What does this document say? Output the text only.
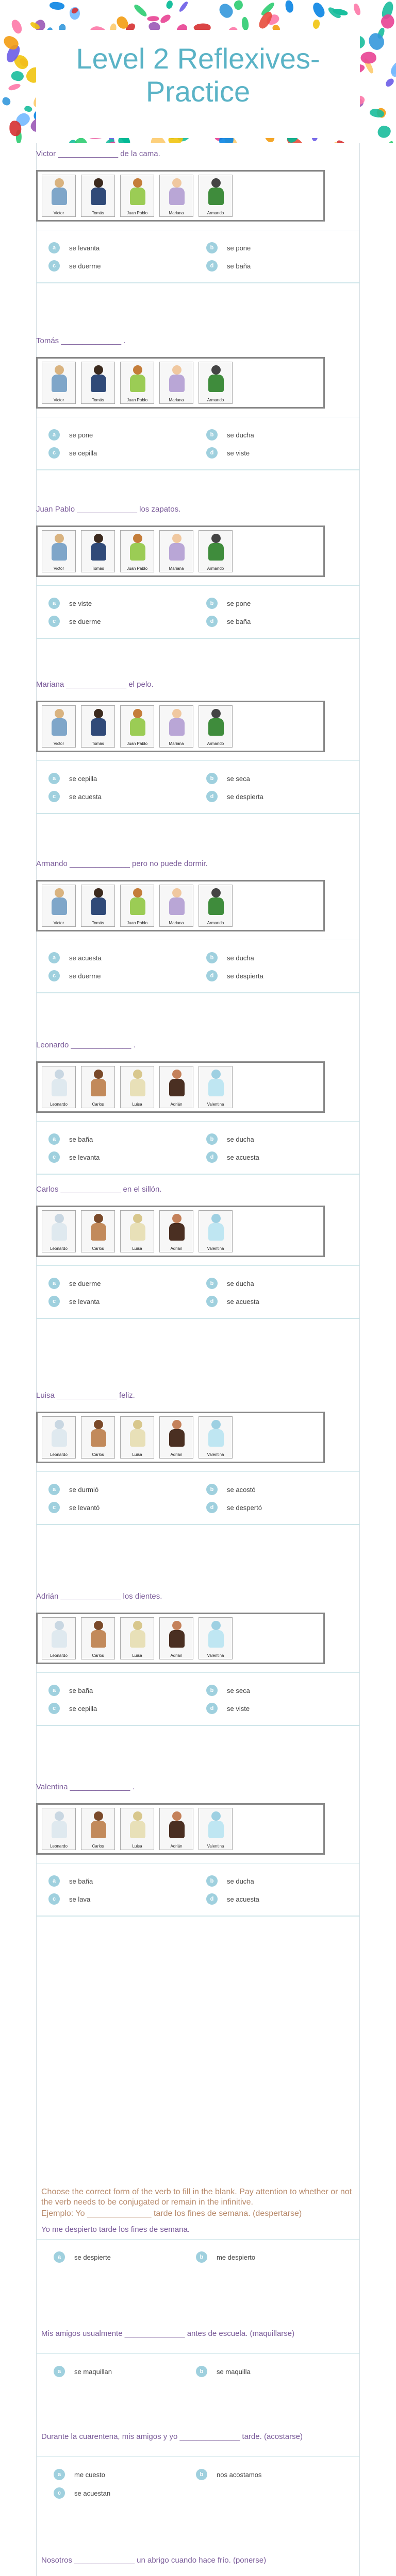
Level 2 Reflexives- Practice
Victor ______________ de la cama.
Victor	Tomás	Juan Pablo	Mariana	Armando
a	se levanta	b	se pone
c	se duerme	d	se baña
Tomás ______________ .
Victor	Tomás	Juan Pablo	Mariana	Armando
a	se pone	b	se ducha
c	se cepilla	d	se viste
Juan Pablo ______________ los zapatos.
Victor	Tomás	Juan Pablo	Mariana	Armando
a	se viste	b	se pone
c	se duerme	d	se baña
Mariana ______________ el pelo.
Victor	Tomás	Juan Pablo	Mariana	Armando
a	se cepilla	b	se seca
c	se acuesta	d	se despierta
Armando ______________ pero no puede dormir.
Victor	Tomás	Juan Pablo	Mariana	Armando
a	se acuesta	b	se ducha
c	se duerme	d	se despierta
Leonardo ______________ .
Leonardo	Carlos	Luisa	Adrián	Valentina
a	se baña	b	se ducha
c	se levanta	d	se acuesta
Carlos ______________ en el sillón.
Leonardo	Carlos	Luisa	Adrián	Valentina
a	se duerme	b	se ducha
c	se levanta	d	se acuesta
Luisa ______________ feliz.
Leonardo	Carlos	Luisa	Adrián	Valentina
a	se durmió	b	se acostó
c	se levantó	d	se despertó
Adrián ______________ los dientes.
Leonardo	Carlos	Luisa	Adrián	Valentina
a	se baña	b	se seca
c	se cepilla	d	se viste
Valentina ______________ .
Leonardo	Carlos	Luisa	Adrián	Valentina
a	se baña	b	se ducha
c	se lava	d	se acuesta
Choose the correct form of the verb to fill in the blank. Pay attention to whether or not the verb needs to be conjugated or remain in the infinitive.
Ejemplo: Yo ______________ tarde los fines de semana. (despertarse)
Yo me despierto tarde los fines de semana.
a	se despierte	b	me despierto
Mis amigos usualmente ______________ antes de escuela. (maquillarse)
a	se maquillan	b	se maquilla
Durante la cuarentena, mis amigos y yo ______________ tarde. (acostarse)
a	me cuesto	b	nos acostamos
c	se acuestan
Nosotros ______________ un abrigo cuando hace frío. (ponerse)
